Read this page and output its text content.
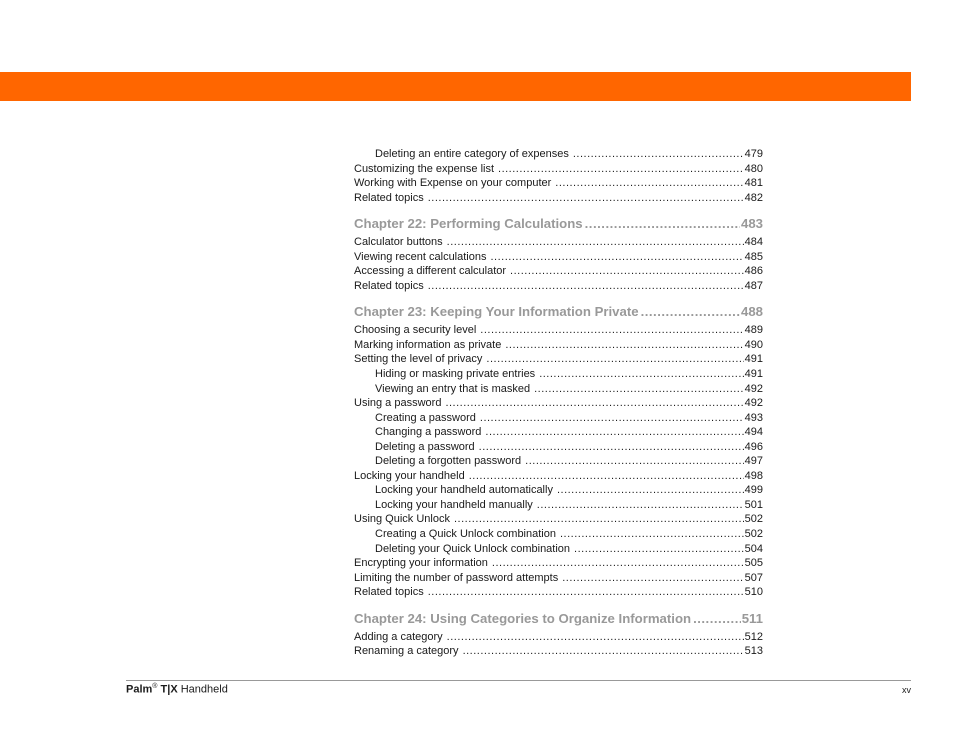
Deleting an entire category of expenses .....	479
Customizing the expense list .....	480
Working with Expense on your computer .....	481
Related topics .....	482
Chapter 22: Performing Calculations .....	483
Calculator buttons .....	484
Viewing recent calculations .....	485
Accessing a different calculator .....	486
Related topics .....	487
Chapter 23: Keeping Your Information Private .....	488
Choosing a security level .....	489
Marking information as private .....	490
Setting the level of privacy .....	491
Hiding or masking private entries .....	491
Viewing an entry that is masked .....	492
Using a password .....	492
Creating a password .....	493
Changing a password .....	494
Deleting a password .....	496
Deleting a forgotten password .....	497
Locking your handheld .....	498
Locking your handheld automatically .....	499
Locking your handheld manually .....	501
Using Quick Unlock .....	502
Creating a Quick Unlock combination .....	502
Deleting your Quick Unlock combination .....	504
Encrypting your information .....	505
Limiting the number of password attempts .....	507
Related topics .....	510
Chapter 24: Using Categories to Organize Information .....	511
Adding a category .....	512
Renaming a category .....	513
Palm® T|X Handheld	xv
